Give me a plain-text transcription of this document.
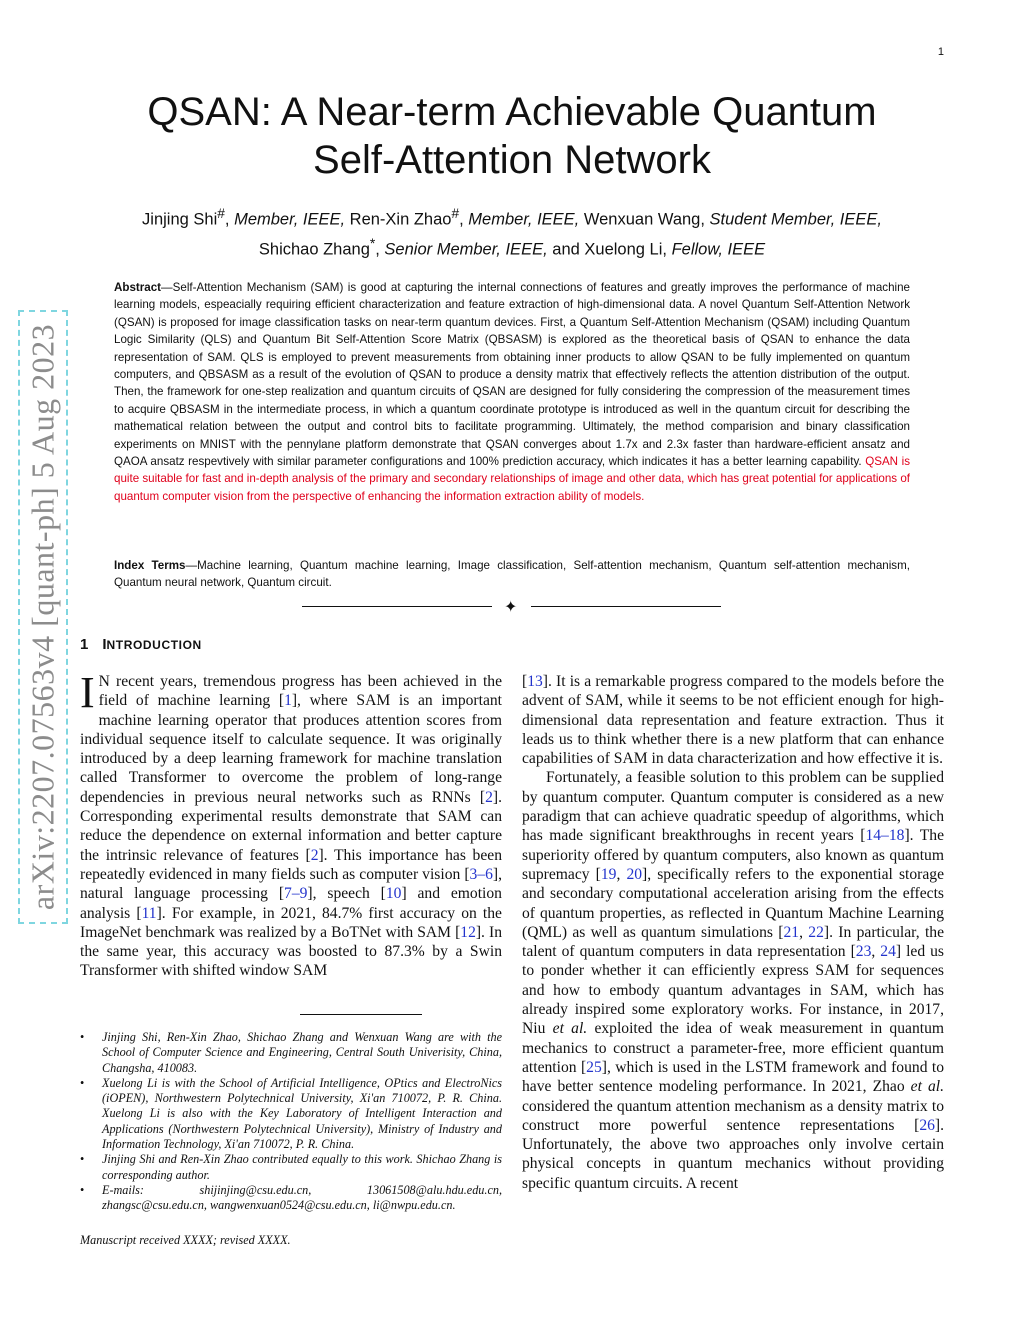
1
QSAN: A Near-term Achievable Quantum
Self-Attention Network
Jinjing Shi#, Member, IEEE, Ren-Xin Zhao#, Member, IEEE, Wenxuan Wang, Student Member, IEEE,
Shichao Zhang*, Senior Member, IEEE, and Xuelong Li, Fellow, IEEE
Abstract—Self-Attention Mechanism (SAM) is good at capturing the internal connections of features and greatly improves the performance of machine learning models, espeacially requiring efficient characterization and feature extraction of high-dimensional data. A novel Quantum Self-Attention Network (QSAN) is proposed for image classification tasks on near-term quantum devices. First, a Quantum Self-Attention Mechanism (QSAM) including Quantum Logic Similarity (QLS) and Quantum Bit Self-Attention Score Matrix (QBSASM) is explored as the theoretical basis of QSAN to enhance the data representation of SAM. QLS is employed to prevent measurements from obtaining inner products to allow QSAN to be fully implemented on quantum computers, and QBSASM as a result of the evolution of QSAN to produce a density matrix that effectively reflects the attention distribution of the output. Then, the framework for one-step realization and quantum circuits of QSAN are designed for fully considering the compression of the measurement times to acquire QBSASM in the intermediate process, in which a quantum coordinate prototype is introduced as well in the quantum circuit for describing the mathematical relation between the output and control bits to facilitate programming. Ultimately, the method comparision and binary classification experiments on MNIST with the pennylane platform demonstrate that QSAN converges about 1.7x and 2.3x faster than hardware-efficient ansatz and QAOA ansatz respevtively with similar parameter configurations and 100% prediction accuracy, which indicates it has a better learning capability. QSAN is quite suitable for fast and in-depth analysis of the primary and secondary relationships of image and other data, which has great potential for applications of quantum computer vision from the perspective of enhancing the information extraction ability of models.
Index Terms—Machine learning, Quantum machine learning, Image classification, Self-attention mechanism, Quantum self-attention mechanism, Quantum neural network, Quantum circuit.
✦
arXiv:2207.07563v4 [quant-ph] 5 Aug 2023 1 INTRODUCTION
I N recent years, tremendous progress has been achieved in the field of machine learning [1], where SAM is an important machine learning operator that produces attention scores from individual sequence itself to calculate sequence. It was originally introduced by a deep learning framework for machine translation called Transformer to overcome the problem of long-range dependencies in previous neural networks such as RNNs [2]. Corresponding experimental results demonstrate that SAM can reduce the dependence on external information and better capture the intrinsic relevance of features [2]. This importance has been repeatedly evidenced in many fields such as computer vision [3–6], natural language processing [7–9], speech [10] and emotion analysis [11]. For example, in 2021, 84.7% first accuracy on the ImageNet benchmark was realized by a BoTNet with SAM [12]. In the same year, this accuracy was boosted to 87.3% by a Swin Transformer with shifted window SAM
• Jinjing Shi, Ren-Xin Zhao, Shichao Zhang and Wenxuan Wang are with the School of Computer Science and Engineering, Central South Univerisity, China, Changsha, 410083.
• Xuelong Li is with the School of Artificial Intelligence, OPtics and ElectroNics (iOPEN), Northwestern Polytechnical University, Xi'an 710072, P. R. China. Xuelong Li is also with the Key Laboratory of Intelligent Interaction and Applications (Northwestern Polytechnical University), Ministry of Industry and Information Technology, Xi'an 710072, P. R. China.
• Jinjing Shi and Ren-Xin Zhao contributed equally to this work. Shichao Zhang is corresponding author.
• E-mails: shijinjing@csu.edu.cn, 13061508@alu.hdu.edu.cn, zhangsc@csu.edu.cn, wangwenxuan0524@csu.edu.cn, li@nwpu.edu.cn.
Manuscript received XXXX; revised XXXX.
[13]. It is a remarkable progress compared to the models before the advent of SAM, while it seems to be not efficient enough for high-dimensional data representation and feature extraction. Thus it leads us to think whether there is a new platform that can enhance capabilities of SAM in data characterization and how effective it is.
Fortunately, a feasible solution to this problem can be supplied by quantum computer. Quantum computer is considered as a new paradigm that can achieve quadratic speedup of algorithms, which has made significant breakthroughs in recent years [14–18]. The superiority offered by quantum computers, also known as quantum supremacy [19, 20], specifically refers to the exponential storage and secondary computational acceleration arising from the effects of quantum properties, as reflected in Quantum Machine Learning (QML) as well as quantum simulations [21, 22]. In particular, the talent of quantum computers in data representation [23, 24] led us to ponder whether it can efficiently express SAM for sequences and how to embody quantum advantages in SAM, which has already inspired some exploratory works. For instance, in 2017, Niu et al. exploited the idea of weak measurement in quantum mechanics to construct a parameter-free, more efficient quantum attention [25], which is used in the LSTM framework and found to have better sentence modeling performance. In 2021, Zhao et al. considered the quantum attention mechanism as a density matrix to construct more powerful sentence representations [26]. Unfortunately, the above two approaches only involve certain physical concepts in quantum mechanics without providing specific quantum circuits. A recent
